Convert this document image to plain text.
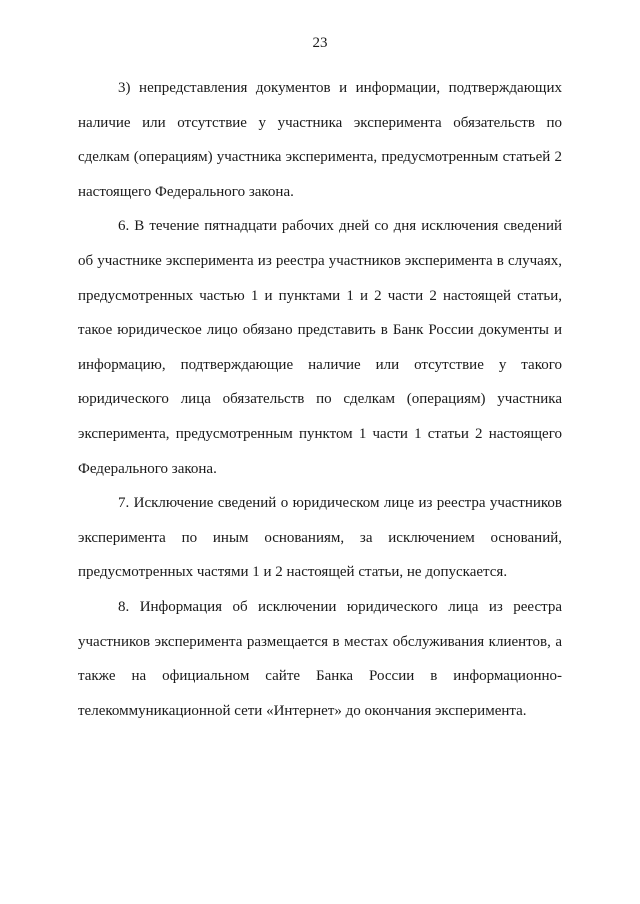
23

3) непредставления документов и информации, подтверждающих наличие или отсутствие у участника эксперимента обязательств по сделкам (операциям) участника эксперимента, предусмотренным статьей 2 настоящего Федерального закона.

6. В течение пятнадцати рабочих дней со дня исключения сведений об участнике эксперимента из реестра участников эксперимента в случаях, предусмотренных частью 1 и пунктами 1 и 2 части 2 настоящей статьи, такое юридическое лицо обязано представить в Банк России документы и информацию, подтверждающие наличие или отсутствие у такого юридического лица обязательств по сделкам (операциям) участника эксперимента, предусмотренным пунктом 1 части 1 статьи 2 настоящего Федерального закона.

7. Исключение сведений о юридическом лице из реестра участников эксперимента по иным основаниям, за исключением оснований, предусмотренных частями 1 и 2 настоящей статьи, не допускается.

8. Информация об исключении юридического лица из реестра участников эксперимента размещается в местах обслуживания клиентов, а также на официальном сайте Банка России в информационно-телекоммуникационной сети «Интернет» до окончания эксперимента.
